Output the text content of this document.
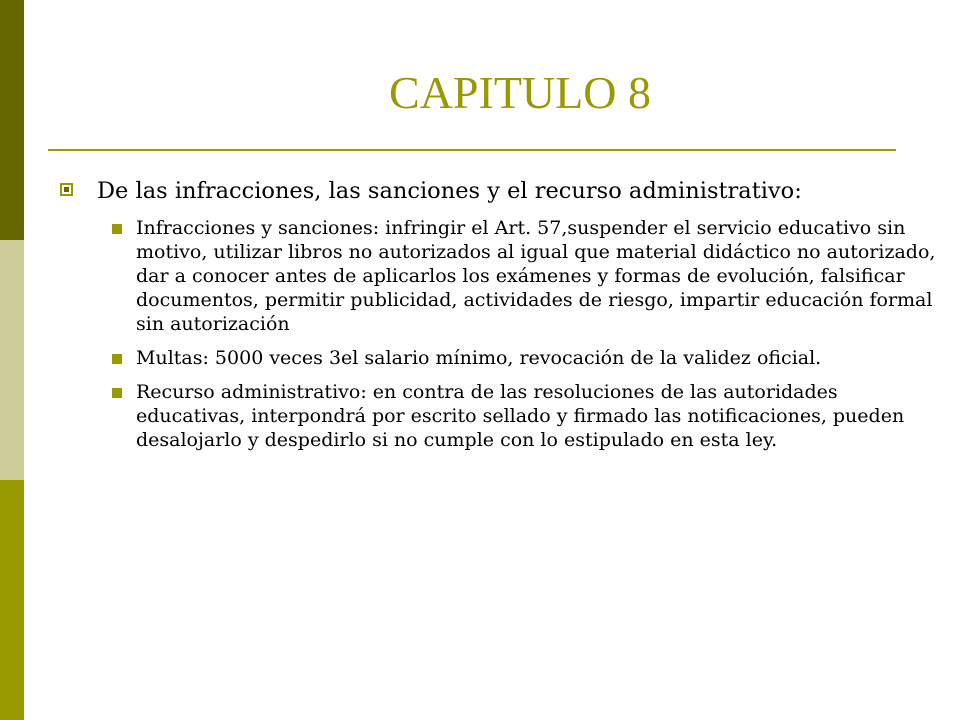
CAPITULO 8
De las infracciones, las sanciones y el recurso administrativo:
Infracciones y sanciones: infringir el Art. 57,suspender el servicio educativo sin motivo, utilizar libros no autorizados al igual que material didáctico no autorizado, dar a conocer antes de aplicarlos los exámenes y formas de evolución, falsificar documentos, permitir publicidad, actividades de riesgo, impartir educación formal sin autorización
Multas: 5000 veces 3el salario mínimo, revocación de la validez oficial.
Recurso administrativo: en contra de las resoluciones de las autoridades educativas, interpondrá por escrito sellado y firmado las notificaciones, pueden desalojarlo y despedirlo si no cumple con lo estipulado en esta ley.
